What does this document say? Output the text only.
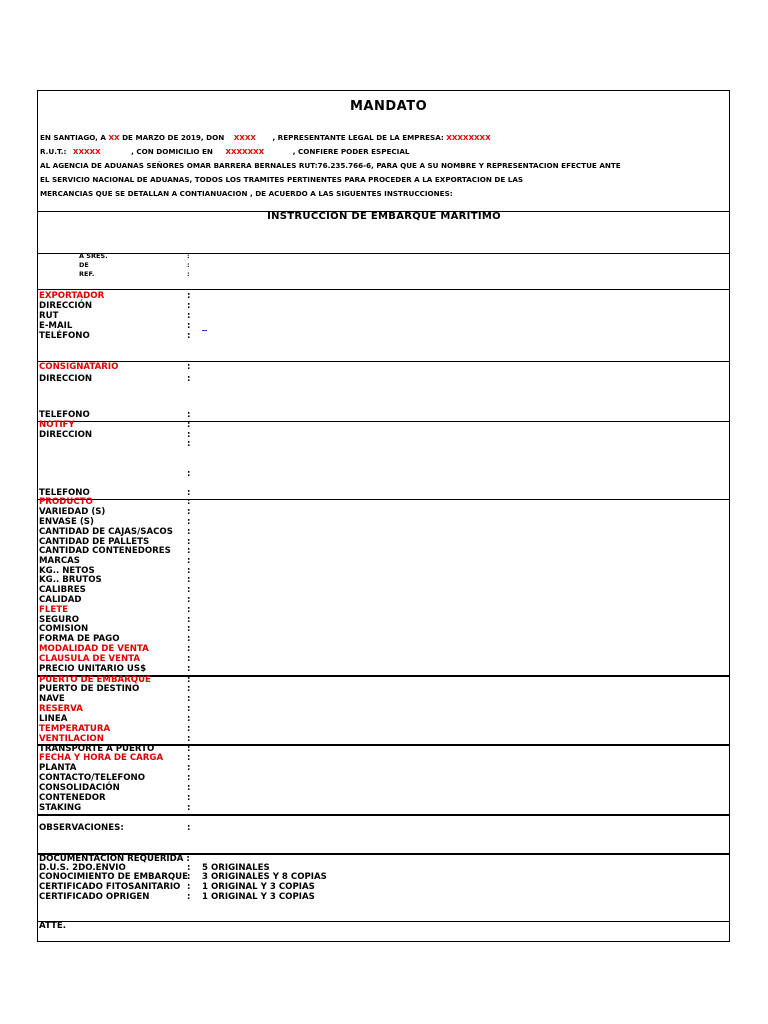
MANDATO
EN SANTIAGO, A XX DE MARZO DE 2019, DON XXXX , REPRESENTANTE LEGAL DE LA EMPRESA: XXXXXXXX
R.U.T.: XXXXX	, CON DOMICILIO EN XXXXXXX	, CONFIERE PODER ESPECIAL
AL AGENCIA DE ADUANAS SEÑORES OMAR BARRERA BERNALES RUT:76.235.766-6, PARA QUE A SU NOMBRE Y REPRESENTACION EFECTUE ANTE
EL SERVICIO NACIONAL DE ADUANAS, TODOS LOS TRAMITES PERTINENTES PARA PROCEDER A LA EXPORTACION DE LAS
MERCANCIAS QUE SE DETALLAN A CONTIANUACION , DE ACUERDO A LAS SIGUENTES INSTRUCCIONES:
INSTRUCCION DE EMBARQUE MARITIMO
A SRES.	:
DE	:
REF.	:
EXPORTADOR	:
DIRECCIÓN	:
RUT	:
E-MAIL	:
TELÉFONO	:
CONSIGNATARIO	:
DIRECCION	:
TELEFONO	:
NOTIFY	:
DIRECCION	:
:
:
TELEFONO	:
PRODUCTO	:
VARIEDAD (S)	:
ENVASE (S)	:
CANTIDAD DE CAJAS/SACOS :
CANTIDAD DE PALLETS	:
CANTIDAD CONTENEDORES :
MARCAS	:
KG.. NETOS	:
KG.. BRUTOS	:
CALIBRES	:
CALIDAD	:
FLETE	:
SEGURO	:
COMISION	:
FORMA DE PAGO	:
MODALIDAD DE VENTA	:
CLAUSULA DE VENTA	:
PRECIO UNITARIO US$	:
PUERTO DE EMBARQUE	:
PUERTO DE DESTINO	:
NAVE	:
RESERVA	:
LINEA	:
TEMPERATURA	:
VENTILACION	:
TRANSPORTE A PUERTO	:
FECHA Y HORA DE CARGA	:
PLANTA	:
CONTACTO/TELEFONO	:
CONSOLIDACIÓN	:
CONTENEDOR	:
STAKING	:
OBSERVACIONES:	:
DOCUMENTACION REQUERIDA :
D.U.S. 2DO.ENVIO	: 5 ORIGINALES
CONOCIMIENTO DE EMBARQUE : 3 ORIGINALES Y 8 COPIAS
CERTIFICADO FITOSANITARIO : 1 ORIGINAL Y 3 COPIAS
CERTIFICADO OPRIGEN	: 1 ORIGINAL Y 3 COPIAS
ATTE.
